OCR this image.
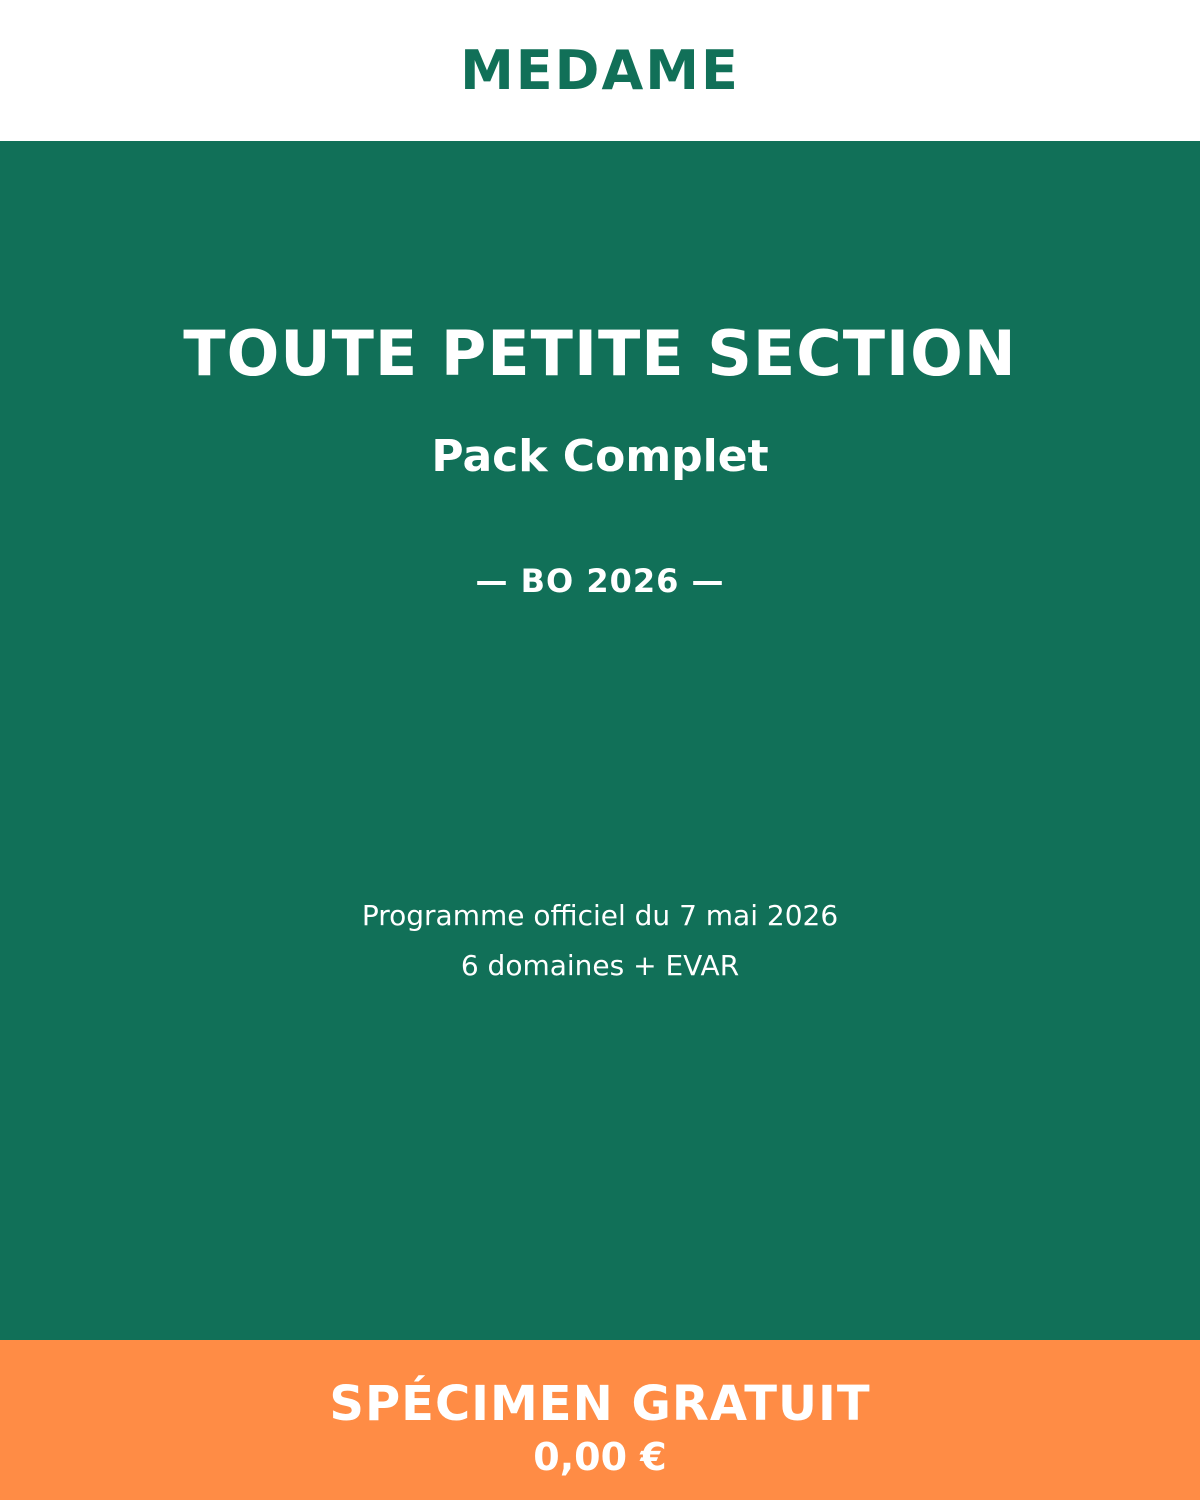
MEDAME
TOUTE PETITE SECTION
Pack Complet
— BO 2026 —
Programme officiel du 7 mai 2026
6 domaines + EVAR
SPÉCIMEN GRATUIT
0,00 €
